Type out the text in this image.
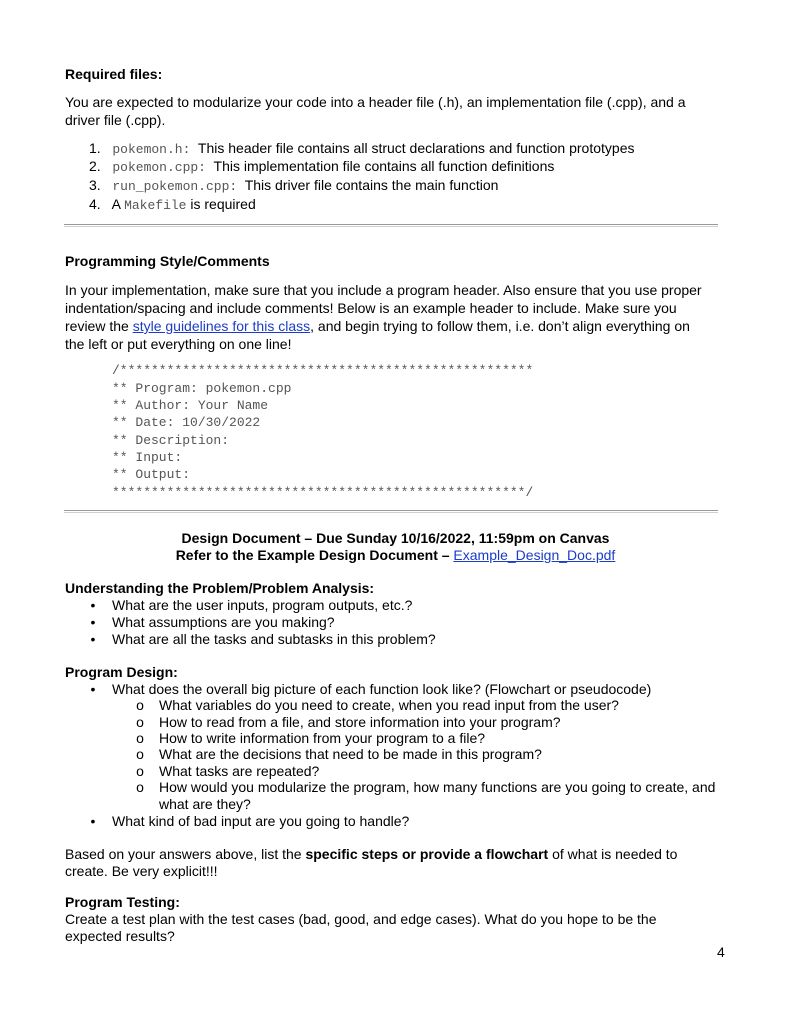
Required files:
You are expected to modularize your code into a header file (.h), an implementation file (.cpp), and a
driver file (.cpp).
1. pokemon.h: This header file contains all struct declarations and function prototypes
2. pokemon.cpp: This implementation file contains all function definitions
3. run_pokemon.cpp: This driver file contains the main function
4. A Makefile is required
Programming Style/Comments
In your implementation, make sure that you include a program header. Also ensure that you use proper
indentation/spacing and include comments! Below is an example header to include. Make sure you
review the style guidelines for this class, and begin trying to follow them, i.e. don’t align everything on
the left or put everything on one line!
/*****************************************************
** Program: pokemon.cpp
** Author: Your Name
** Date: 10/30/2022
** Description:
** Input:
** Output:
*****************************************************/
Design Document – Due Sunday 10/16/2022, 11:59pm on Canvas
Refer to the Example Design Document – Example_Design_Doc.pdf
Understanding the Problem/Problem Analysis:
• What are the user inputs, program outputs, etc.?
• What assumptions are you making?
• What are all the tasks and subtasks in this problem?
Program Design:
• What does the overall big picture of each function look like? (Flowchart or pseudocode)
o What variables do you need to create, when you read input from the user?
o How to read from a file, and store information into your program?
o How to write information from your program to a file?
o What are the decisions that need to be made in this program?
o What tasks are repeated?
o How would you modularize the program, how many functions are you going to create, and
what are they?
• What kind of bad input are you going to handle?
Based on your answers above, list the specific steps or provide a flowchart of what is needed to
create. Be very explicit!!!
Program Testing:
Create a test plan with the test cases (bad, good, and edge cases). What do you hope to be the
expected results?
4
